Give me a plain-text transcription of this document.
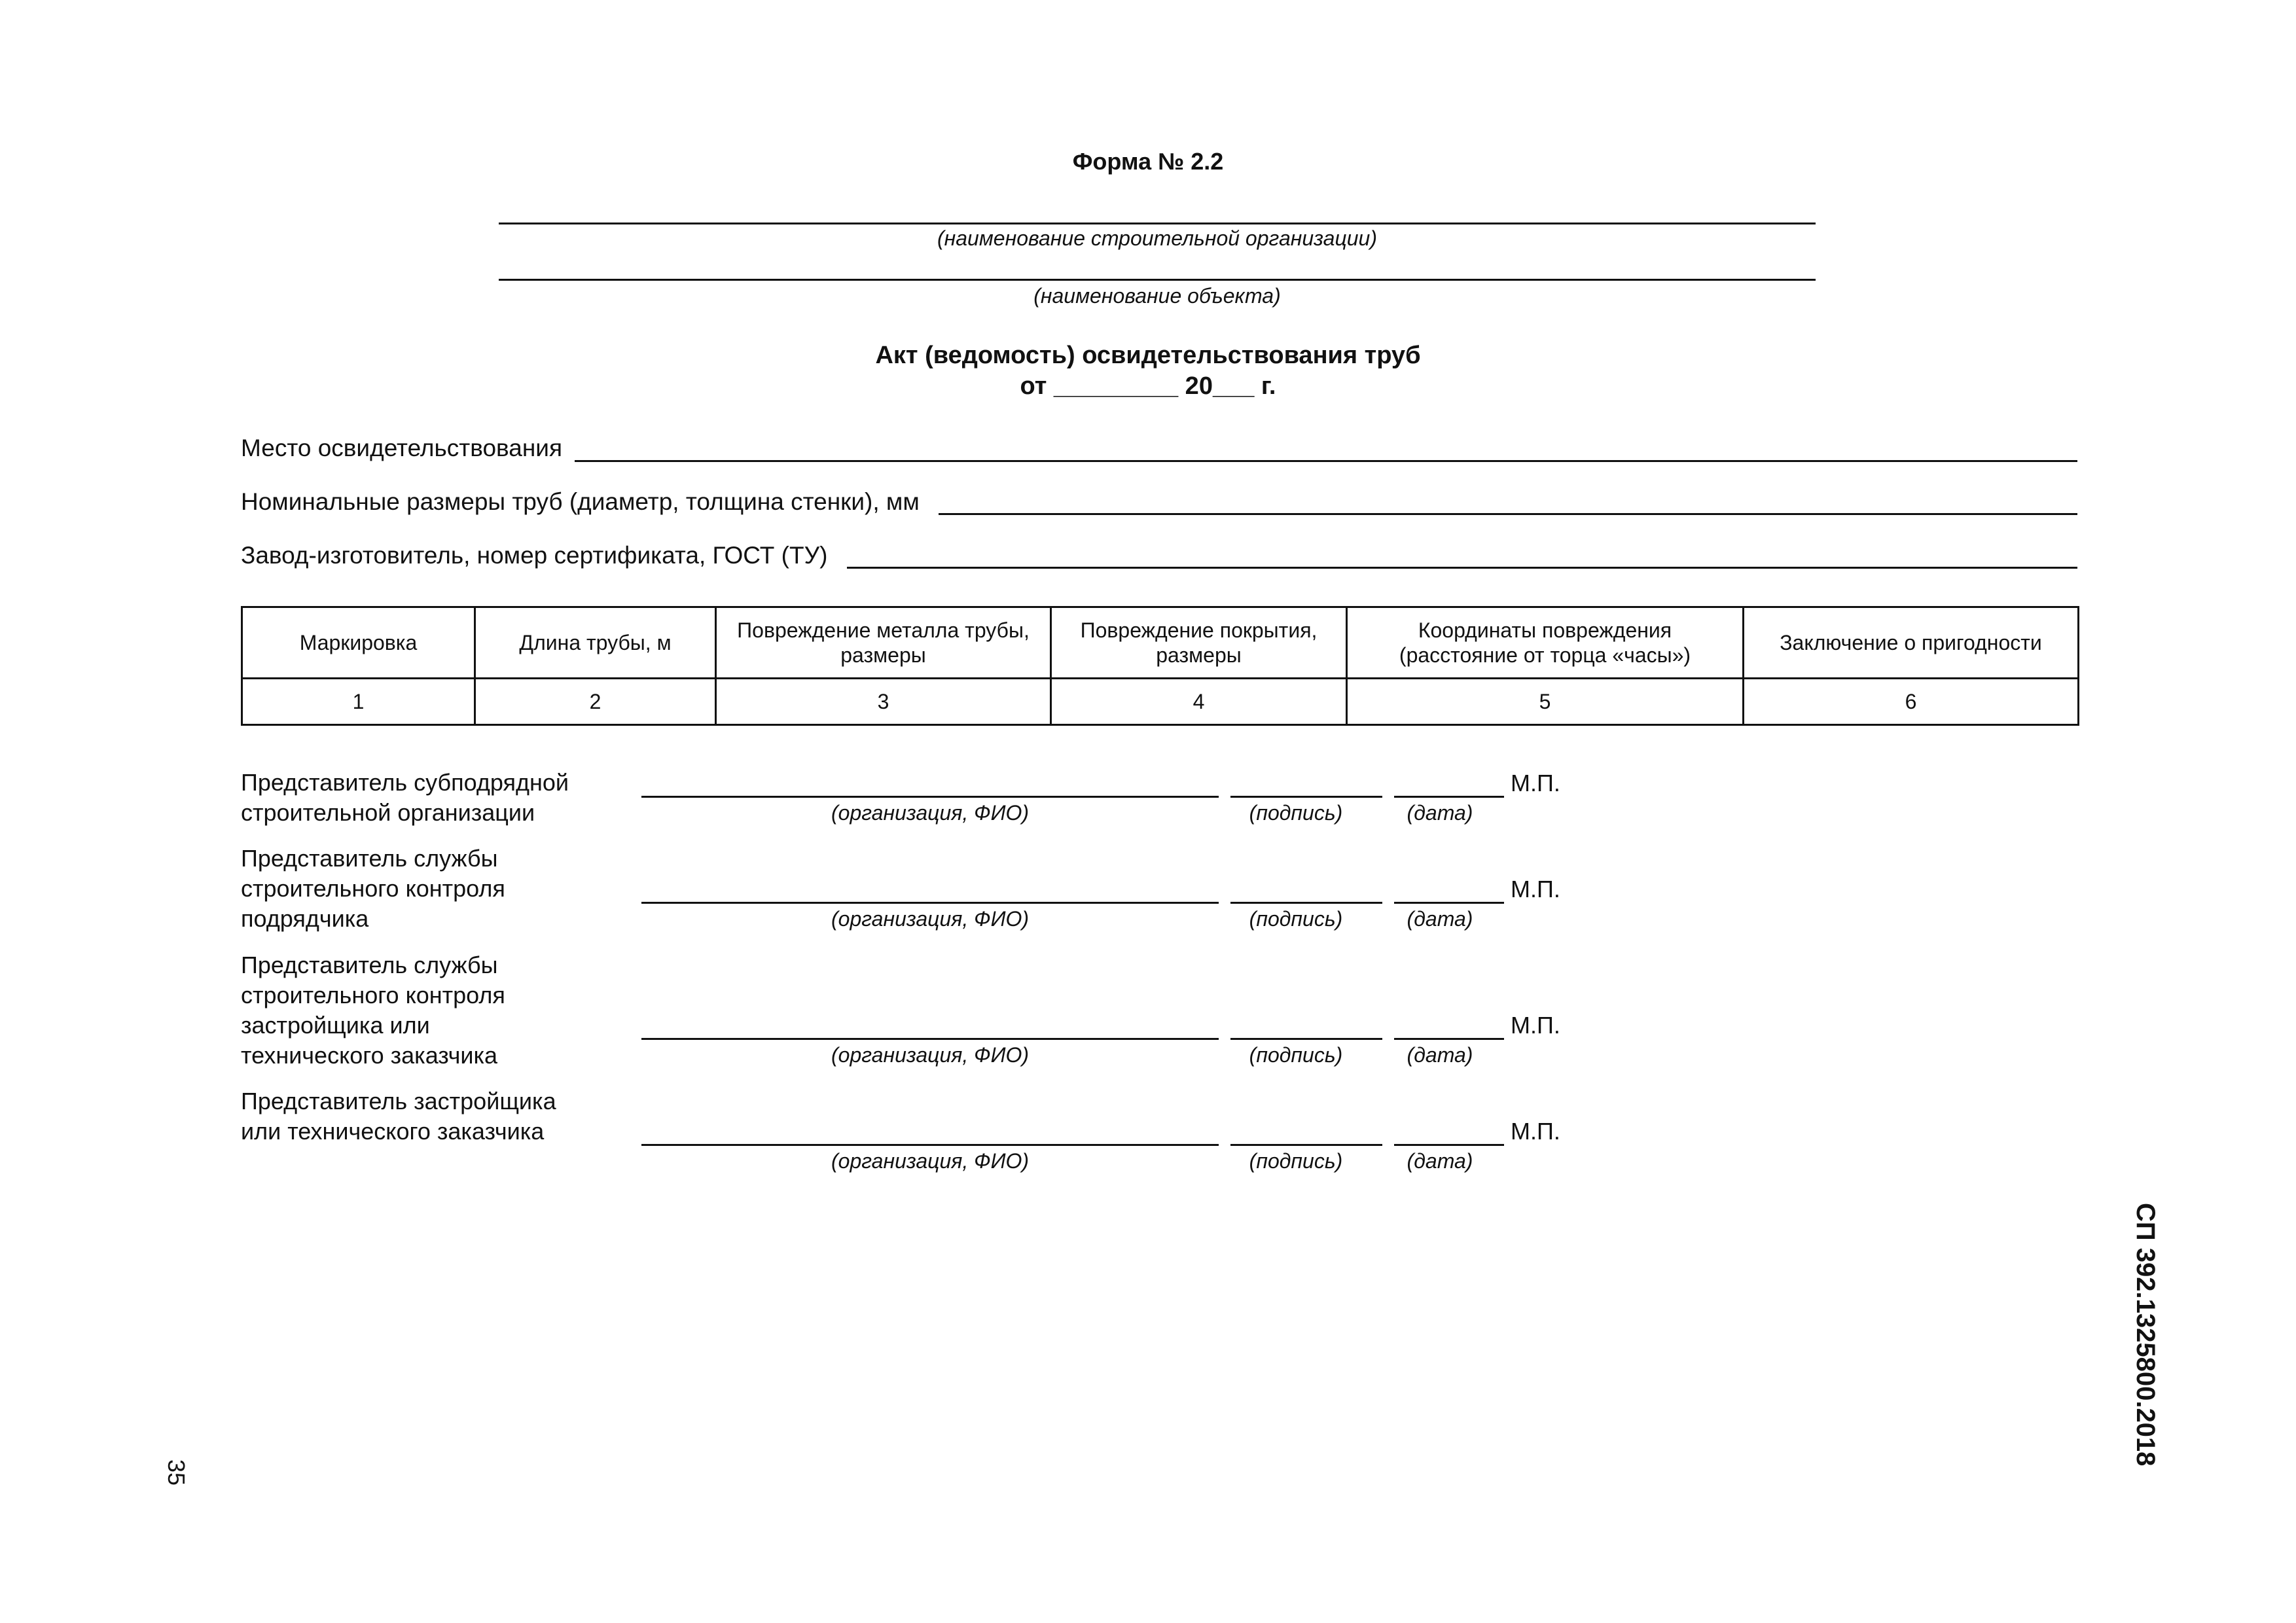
Форма № 2.2
(наименование строительной организации)
(наименование объекта)
Акт (ведомость) освидетельствования труб
от _________ 20___ г.
Место освидетельствования
Номинальные размеры труб (диаметр, толщина стенки), мм
Завод-изготовитель, номер сертификата, ГОСТ (ТУ)
Маркировка	Длина трубы, м	Повреждение металла трубы, размеры	Повреждение покрытия, размеры	Координаты повреждения (расстояние от торца «часы»)	Заключение о пригодности
1	2	3	4	5	6
Представитель субподрядной
строительной организации
М.П.
(организация, ФИО)	(подпись)	(дата)
Представитель службы
строительного контроля
подрядчика
М.П.
(организация, ФИО)	(подпись)	(дата)
Представитель службы
строительного контроля
застройщика или
технического заказчика
М.П.
(организация, ФИО)	(подпись)	(дата)
Представитель застройщика
или технического заказчика	М.П.
(организация, ФИО)	(подпись)	(дата)
35
СП 392.1325800.2018
